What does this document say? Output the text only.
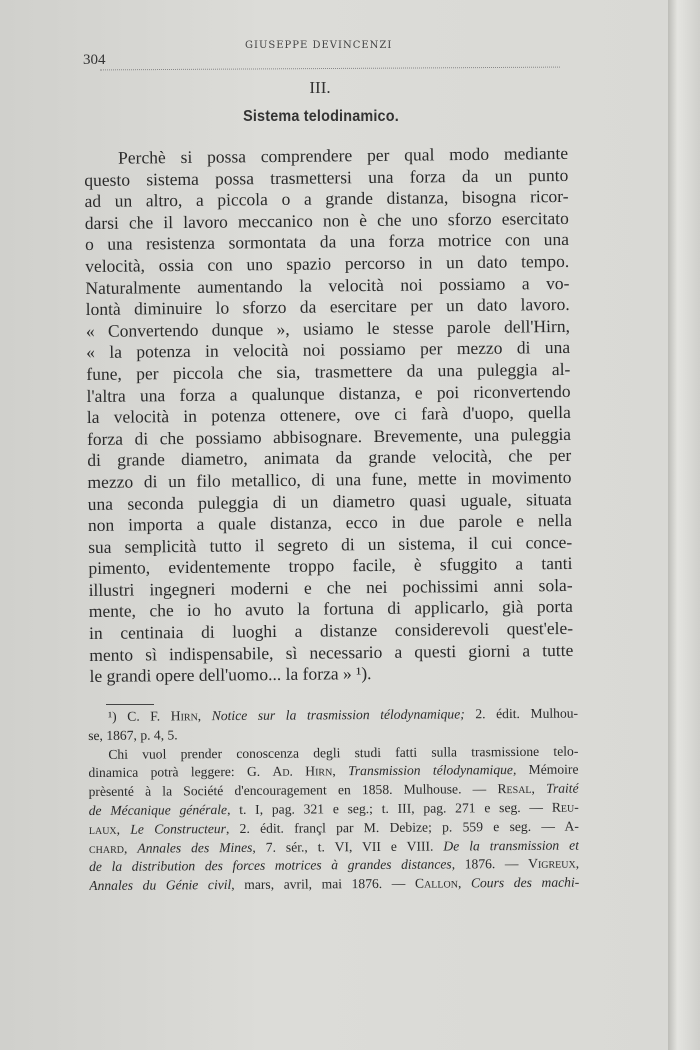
GIUSEPPE DEVINCENZI
304
III.
Sistema telodinamico.
Perchè si possa comprendere per qual modo mediante
questo sistema possa trasmettersi una forza da un punto
ad un altro, a piccola o a grande distanza, bisogna ricor-
darsi che il lavoro meccanico non è che uno sforzo esercitato
o una resistenza sormontata da una forza motrice con una
velocità, ossia con uno spazio percorso in un dato tempo.
Naturalmente aumentando la velocità noi possiamo a vo-
lontà diminuire lo sforzo da esercitare per un dato lavoro.
« Convertendo dunque », usiamo le stesse parole dell'Hirn,
« la potenza in velocità noi possiamo per mezzo di una
fune, per piccola che sia, trasmettere da una puleggia al-
l'altra una forza a qualunque distanza, e poi riconvertendo
la velocità in potenza ottenere, ove ci farà d'uopo, quella
forza di che possiamo abbisognare. Brevemente, una puleggia
di grande diametro, animata da grande velocità, che per
mezzo di un filo metallico, di una fune, mette in movimento
una seconda puleggia di un diametro quasi uguale, situata
non importa a quale distanza, ecco in due parole e nella
sua semplicità tutto il segreto di un sistema, il cui conce-
pimento, evidentemente troppo facile, è sfuggito a tanti
illustri ingegneri moderni e che nei pochissimi anni sola-
mente, che io ho avuto la fortuna di applicarlo, già porta
in centinaia di luoghi a distanze considerevoli quest'ele-
mento sì indispensabile, sì necessario a questi giorni a tutte
le grandi opere dell'uomo... la forza » ¹).
¹) C. F. Hirn, Notice sur la trasmission télodynamique; 2. édit. Mulhou-
se, 1867, p. 4, 5.
Chi vuol prender conoscenza degli studi fatti sulla trasmissione telo-
dinamica potrà leggere: G. Ad. Hirn, Transmission télodynamique, Mémoire
prèsenté à la Société d'encouragement en 1858. Mulhouse. — Resal, Traité
de Mécanique générale, t. I, pag. 321 e seg.; t. III, pag. 271 e seg. — Reu-
laux, Le Constructeur, 2. édit. françl par M. Debize; p. 559 e seg. — A-
chard, Annales des Mines, 7. sér., t. VI, VII e VIII. De la transmission et
de la distribution des forces motrices à grandes distances, 1876. — Vigreux,
Annales du Génie civil, mars, avril, mai 1876. — Callon, Cours des machi-
